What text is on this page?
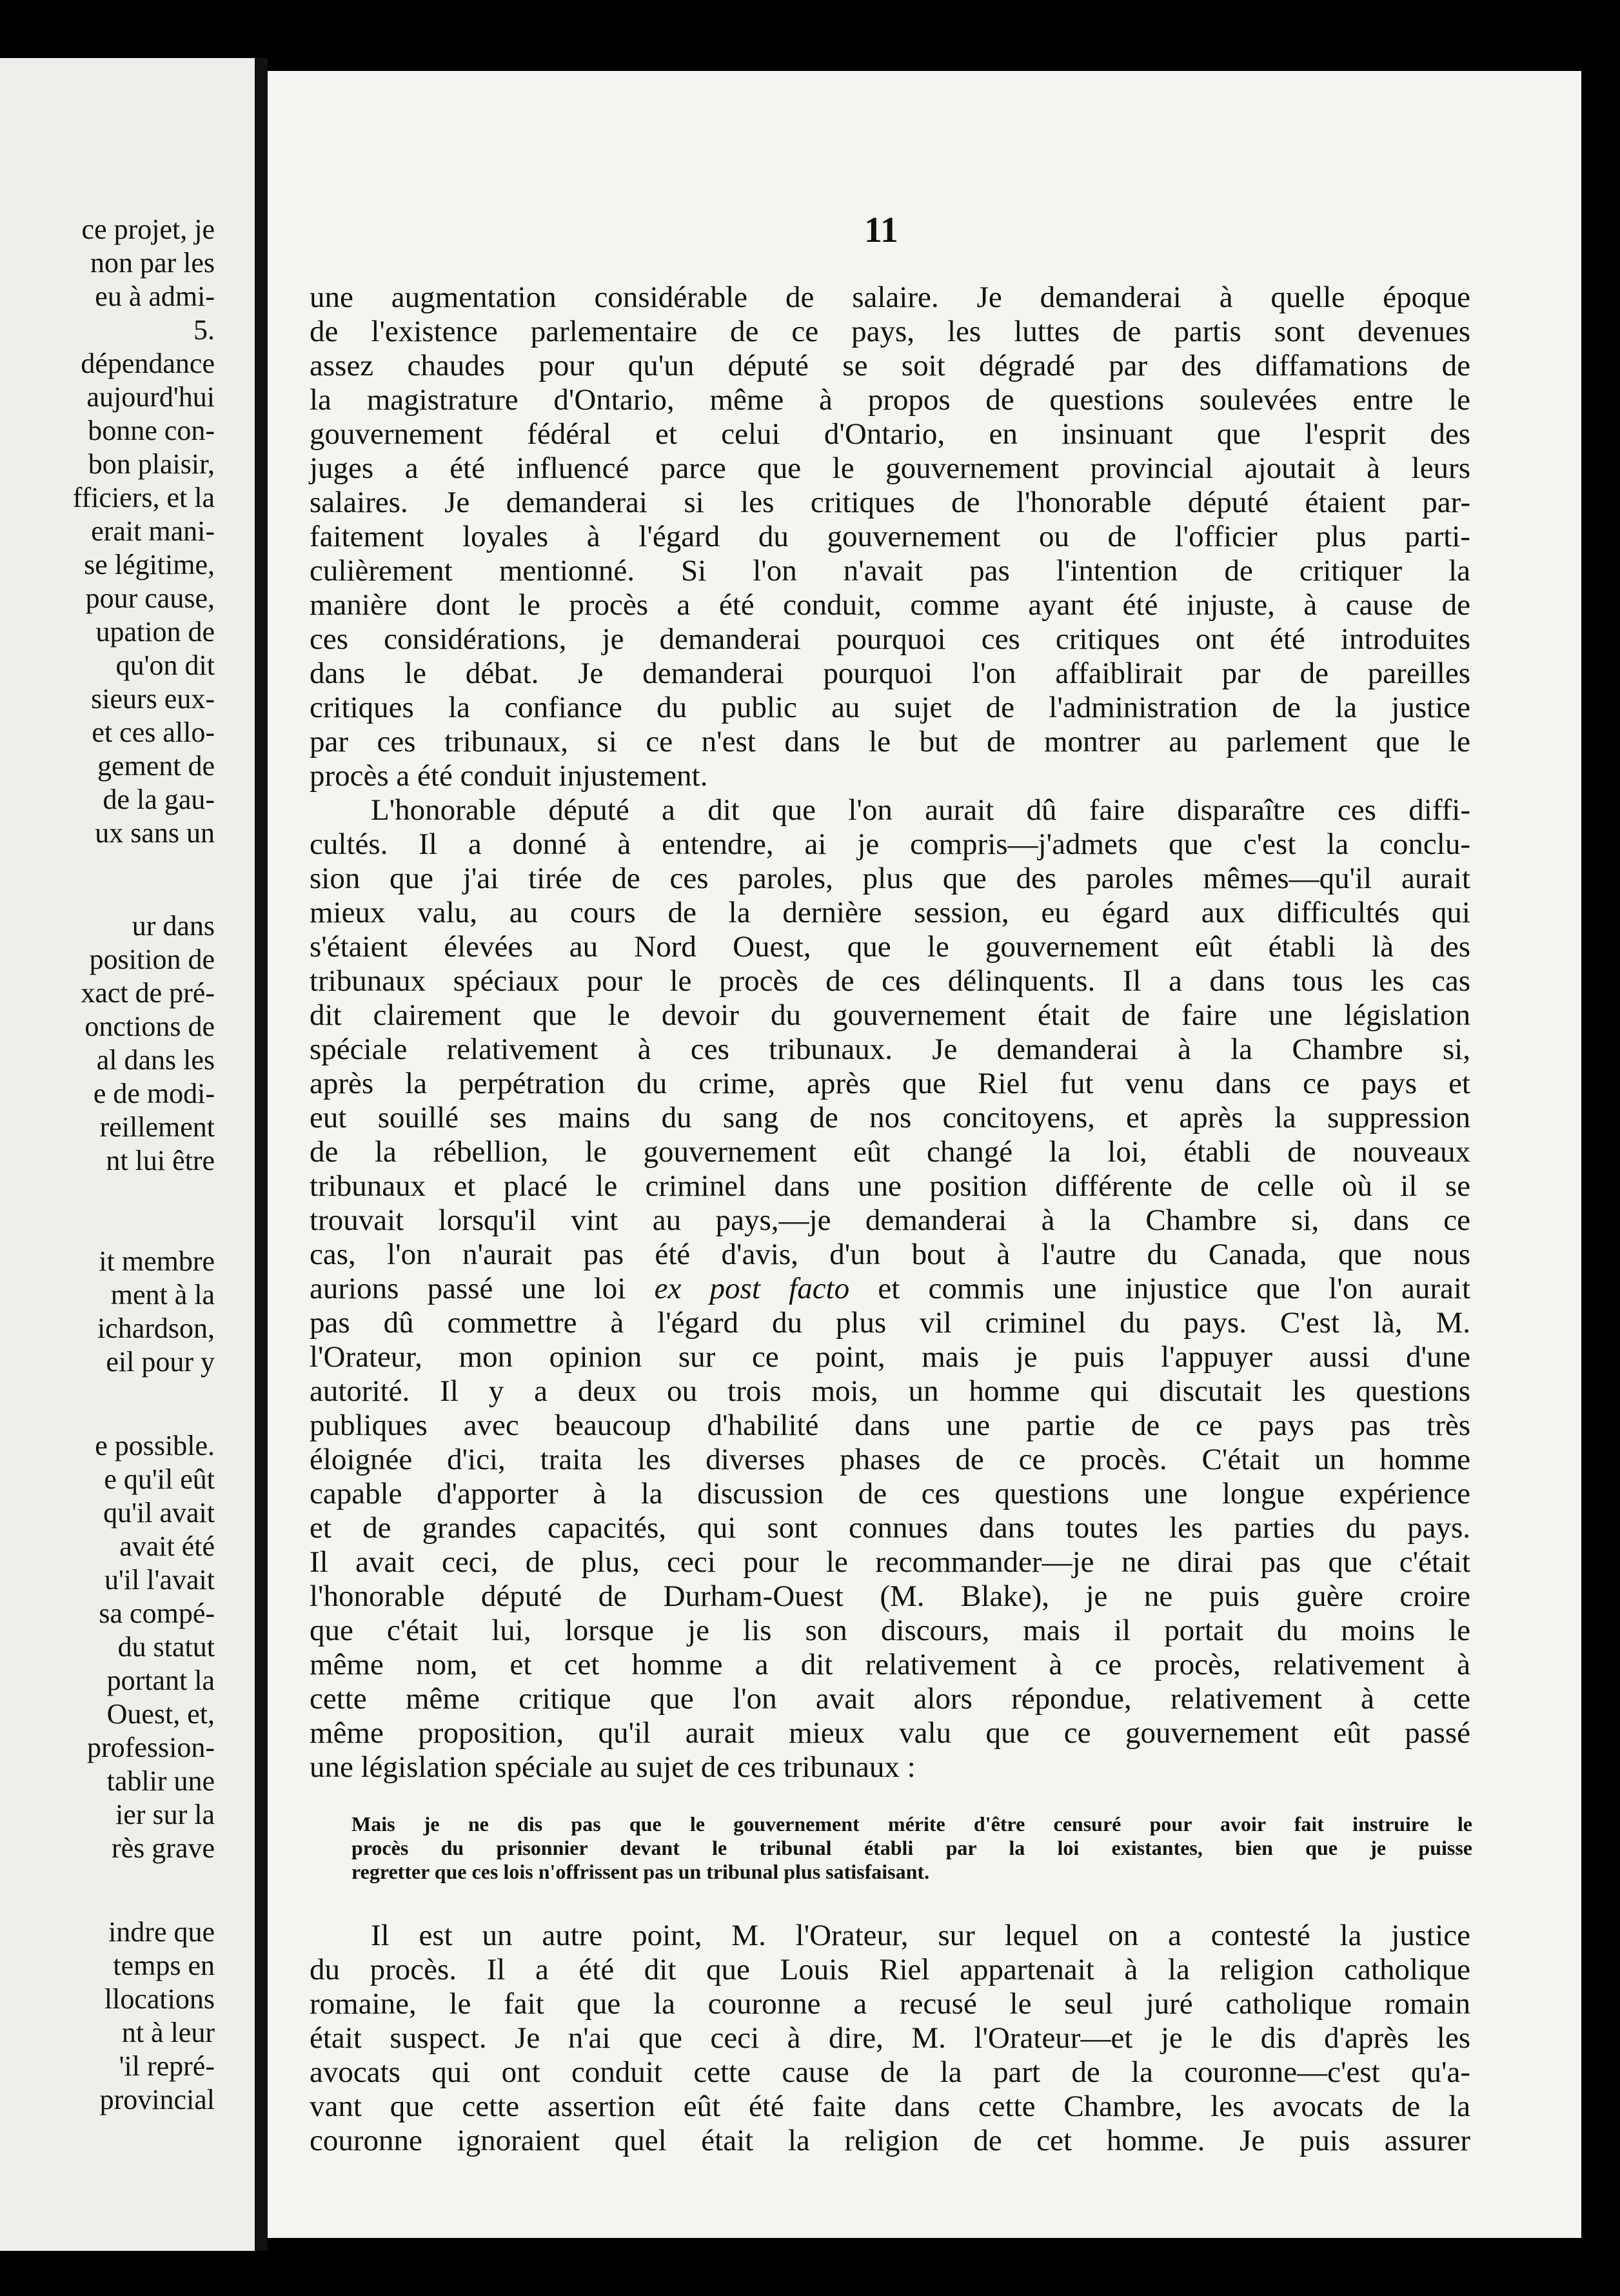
ce projet, je
non par les
eu à admi-
5.
dépendance
aujourd'hui
bonne con-
bon plaisir,
fficiers, et la
erait mani-
se légitime,
pour cause,
upation de
qu'on dit
sieurs eux-
et ces allo-
gement de
de la gau-
ux sans un
ur dans
position de
xact de pré-
onctions de
al dans les
e de modi-
reillement
nt lui être
it membre
ment à la
ichardson,
eil pour y
e possible.
e qu'il eût
qu'il avait
avait été
u'il l'avait
sa compé-
du statut
portant la
Ouest, et,
profession-
tablir une
ier sur la
rès grave
indre que
temps en
llocations
nt à leur
'il repré-
provincial
11
une augmentation considérable de salaire. Je demanderai à quelle époque
de l'existence parlementaire de ce pays, les luttes de partis sont devenues
assez chaudes pour qu'un député se soit dégradé par des diffamations de
la magistrature d'Ontario, même à propos de questions soulevées entre le
gouvernement fédéral et celui d'Ontario, en insinuant que l'esprit des
juges a été influencé parce que le gouvernement provincial ajoutait à leurs
salaires. Je demanderai si les critiques de l'honorable député étaient par-
faitement loyales à l'égard du gouvernement ou de l'officier plus parti-
culièrement mentionné. Si l'on n'avait pas l'intention de critiquer la
manière dont le procès a été conduit, comme ayant été injuste, à cause de
ces considérations, je demanderai pourquoi ces critiques ont été introduites
dans le débat. Je demanderai pourquoi l'on affaiblirait par de pareilles
critiques la confiance du public au sujet de l'administration de la justice
par ces tribunaux, si ce n'est dans le but de montrer au parlement que le
procès a été conduit injustement.
L'honorable député a dit que l'on aurait dû faire disparaître ces diffi-
cultés. Il a donné à entendre, ai je compris—j'admets que c'est la conclu-
sion que j'ai tirée de ces paroles, plus que des paroles mêmes—qu'il aurait
mieux valu, au cours de la dernière session, eu égard aux difficultés qui
s'étaient élevées au Nord Ouest, que le gouvernement eût établi là des
tribunaux spéciaux pour le procès de ces délinquents. Il a dans tous les cas
dit clairement que le devoir du gouvernement était de faire une législation
spéciale relativement à ces tribunaux. Je demanderai à la Chambre si,
après la perpétration du crime, après que Riel fut venu dans ce pays et
eut souillé ses mains du sang de nos concitoyens, et après la suppression
de la rébellion, le gouvernement eût changé la loi, établi de nouveaux
tribunaux et placé le criminel dans une position différente de celle où il se
trouvait lorsqu'il vint au pays,—je demanderai à la Chambre si, dans ce
cas, l'on n'aurait pas été d'avis, d'un bout à l'autre du Canada, que nous
aurions passé une loi ex post facto et commis une injustice que l'on aurait
pas dû commettre à l'égard du plus vil criminel du pays. C'est là, M.
l'Orateur, mon opinion sur ce point, mais je puis l'appuyer aussi d'une
autorité. Il y a deux ou trois mois, un homme qui discutait les questions
publiques avec beaucoup d'habilité dans une partie de ce pays pas très
éloignée d'ici, traita les diverses phases de ce procès. C'était un homme
capable d'apporter à la discussion de ces questions une longue expérience
et de grandes capacités, qui sont connues dans toutes les parties du pays.
Il avait ceci, de plus, ceci pour le recommander—je ne dirai pas que c'était
l'honorable député de Durham-Ouest (M. Blake), je ne puis guère croire
que c'était lui, lorsque je lis son discours, mais il portait du moins le
même nom, et cet homme a dit relativement à ce procès, relativement à
cette même critique que l'on avait alors répondue, relativement à cette
même proposition, qu'il aurait mieux valu que ce gouvernement eût passé
une législation spéciale au sujet de ces tribunaux :
Mais je ne dis pas que le gouvernement mérite d'être censuré pour avoir fait instruire le
procès du prisonnier devant le tribunal établi par la loi existantes, bien que je puisse
regretter que ces lois n'offrissent pas un tribunal plus satisfaisant.
Il est un autre point, M. l'Orateur, sur lequel on a contesté la justice
du procès. Il a été dit que Louis Riel appartenait à la religion catholique
romaine, le fait que la couronne a recusé le seul juré catholique romain
était suspect. Je n'ai que ceci à dire, M. l'Orateur—et je le dis d'après les
avocats qui ont conduit cette cause de la part de la couronne—c'est qu'a-
vant que cette assertion eût été faite dans cette Chambre, les avocats de la
couronne ignoraient quel était la religion de cet homme. Je puis assurer
